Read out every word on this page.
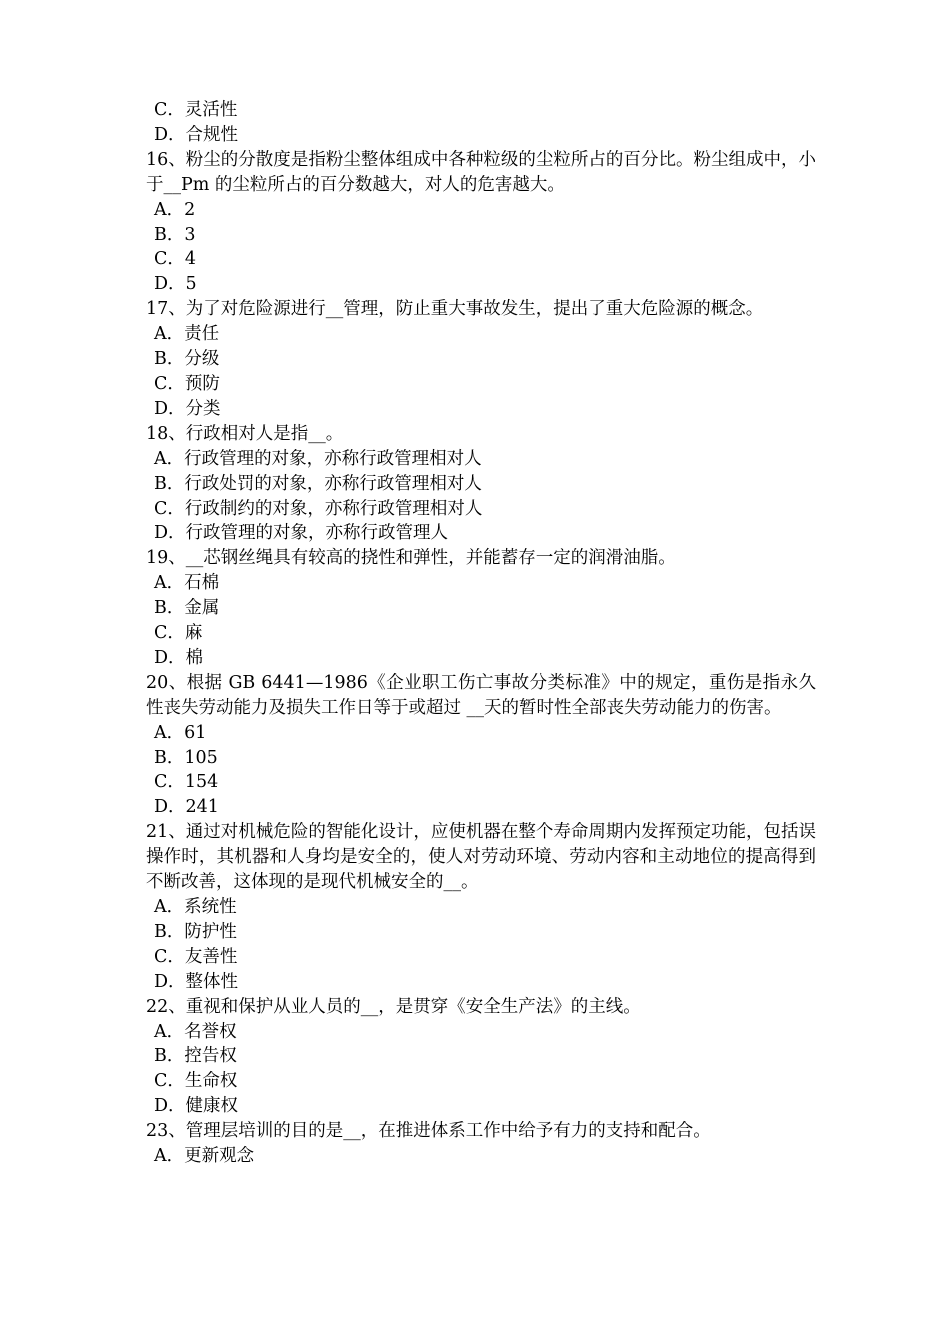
C．灵活性

D．合规性

16、粉尘的分散度是指粉尘整体组成中各种粒级的尘粒所占的百分比。粉尘组成中，小于__Pm 的尘粒所占的百分数越大，对人的危害越大。

A．2

B．3

C．4

D．5

17、为了对危险源进行__管理，防止重大事故发生，提出了重大危险源的概念。

A．责任

B．分级

C．预防

D．分类

18、行政相对人是指__。

A．行政管理的对象，亦称行政管理相对人

B．行政处罚的对象，亦称行政管理相对人

C．行政制约的对象，亦称行政管理相对人

D．行政管理的对象，亦称行政管理人

19、__芯钢丝绳具有较高的挠性和弹性，并能蓄存一定的润滑油脂。

A．石棉

B．金属

C．麻

D．棉

20、根据 GB 6441—1986《企业职工伤亡事故分类标准》中的规定，重伤是指永久性丧失劳动能力及损失工作日等于或超过 __天的暂时性全部丧失劳动能力的伤害。

A．61

B．105

C．154

D．241

21、通过对机械危险的智能化设计，应使机器在整个寿命周期内发挥预定功能，包括误操作时，其机器和人身均是安全的，使人对劳动环境、劳动内容和主动地位的提高得到不断改善，这体现的是现代机械安全的__。

A．系统性

B．防护性

C．友善性

D．整体性

22、重视和保护从业人员的__，是贯穿《安全生产法》的主线。

A．名誉权

B．控告权

C．生命权

D．健康权

23、管理层培训的目的是__，在推进体系工作中给予有力的支持和配合。

A．更新观念
